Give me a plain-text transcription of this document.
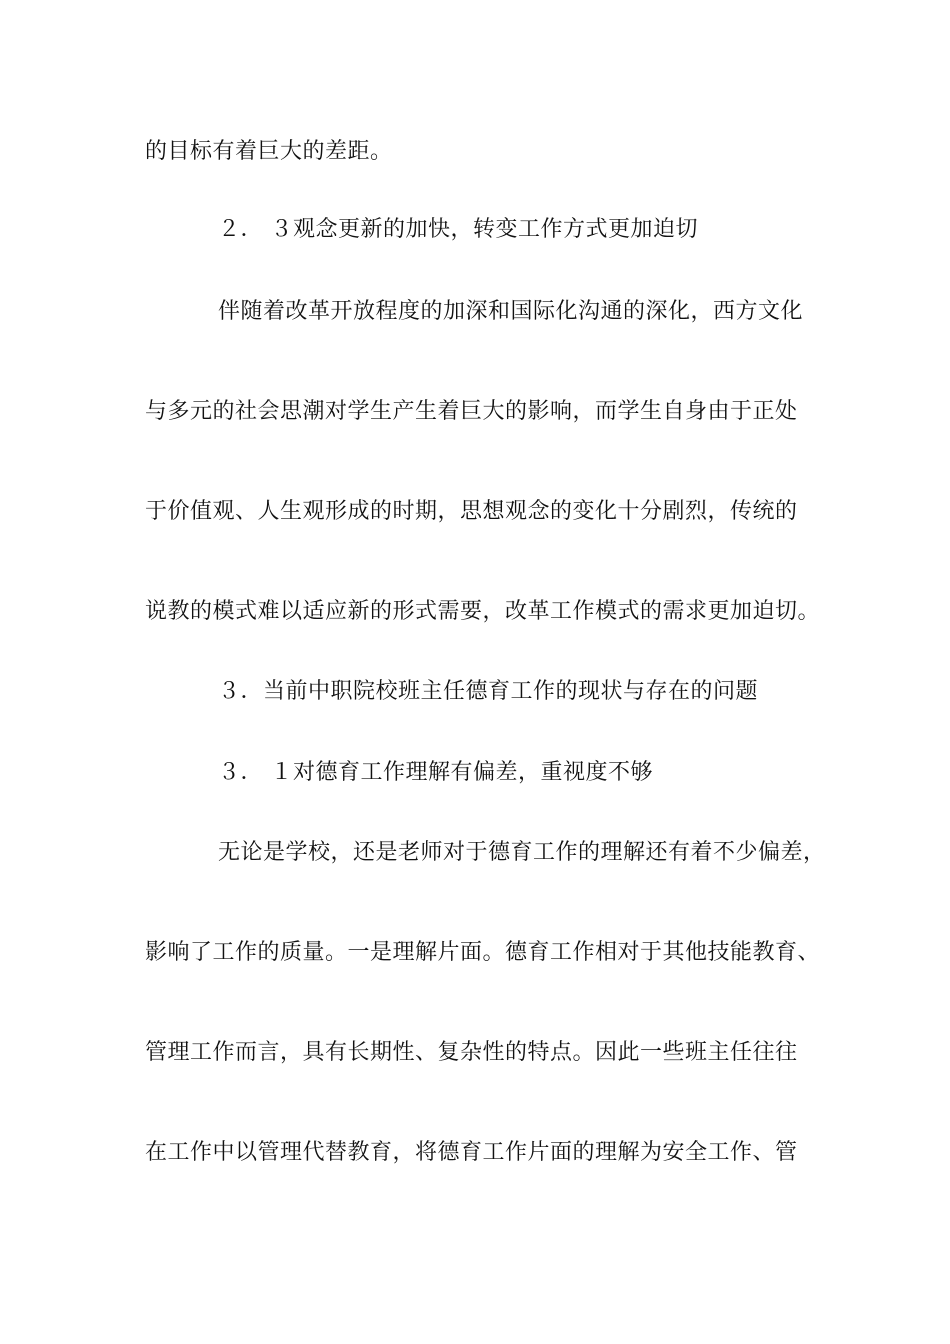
的目标有着巨大的差距。
２． ３观念更新的加快，转变工作方式更加迫切
伴随着改革开放程度的加深和国际化沟通的深化，西方文化
与多元的社会思潮对学生产生着巨大的影响，而学生自身由于正处
于价值观、人生观形成的时期，思想观念的变化十分剧烈，传统的
说教的模式难以适应新的形式需要，改革工作模式的需求更加迫切。
３．当前中职院校班主任德育工作的现状与存在的问题
３． １对德育工作理解有偏差，重视度不够
无论是学校，还是老师对于德育工作的理解还有着不少偏差，
影响了工作的质量。一是理解片面。德育工作相对于其他技能教育、
管理工作而言，具有长期性、复杂性的特点。因此一些班主任往往
在工作中以管理代替教育，将德育工作片面的理解为安全工作、管
